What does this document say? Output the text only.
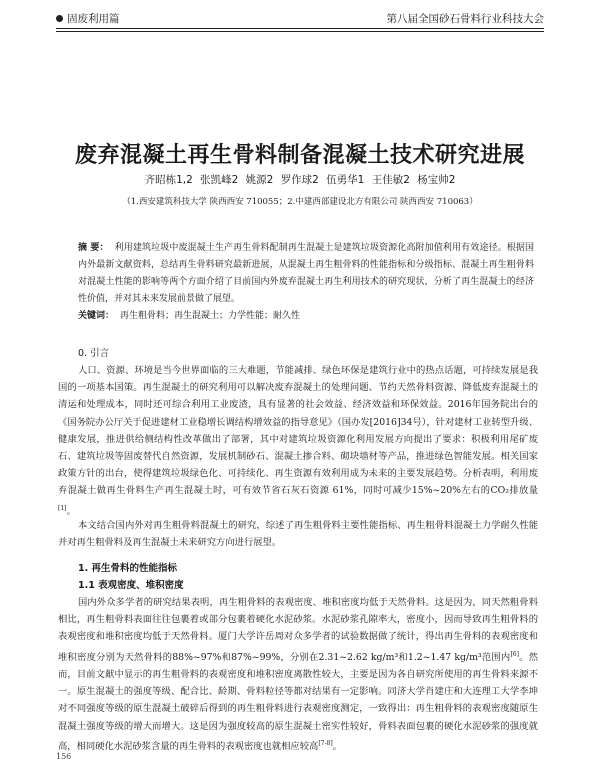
固废利用篇	第八届全国砂石骨料行业科技大会
废弃混凝土再生骨料制备混凝土技术研究进展
齐昭栋1,2 张凯峰2 姚源2 罗作球2 伍勇华1 王佳敏2 杨宝帅2
（1.西安建筑科技大学 陕西西安 710055；2.中建西部建设北方有限公司 陕西西安 710063）
摘 要： 利用建筑垃圾中废混凝土生产再生骨料配制再生混凝土是建筑垃圾资源化高附加值利用有效途径。根据国内外最新文献资料，总结再生骨料研究最新进展，从混凝土再生粗骨料的性能指标和分级指标、混凝土再生粗骨料对混凝土性能的影响等两个方面介绍了目前国内外废弃混凝土再生利用技术的研究现状，分析了再生混凝土的经济性价值，并对其未来发展前景做了展望。
关键词： 再生粗骨料；再生混凝土；力学性能；耐久性
0. 引言
人口、资源、环境是当今世界面临的三大难题，节能减排、绿色环保是建筑行业中的热点话题，可持续发展是我国的一项基本国策。再生混凝土的研究利用可以解决废弃混凝土的处理问题、节约天然骨料资源、降低废弃混凝土的清运和处理成本，同时还可综合利用工业废渣，具有显著的社会效益、经济效益和环保效益。2016年国务院出台的《国务院办公厅关于促进建材工业稳增长调结构增效益的指导意见》（国办发[2016]34号），针对建材工业转型升级、健康发展，推进供给侧结构性改革做出了部署，其中对建筑垃圾资源化利用发展方向提出了要求：积极利用尾矿废石、建筑垃圾等固废替代自然资源，发展机制砂石、混凝土掺合料、砌块墙材等产品，推进绿色智能发展。相关国家政策方针的出台，使得建筑垃圾绿色化、可持续化、再生资源有效利用成为未来的主要发展趋势。分析表明，利用废弃混凝土做再生骨料生产再生混凝土时，可有效节省石灰石资源 61%，同时可减少15%~20%左右的CO₂排放量[1]。
本文结合国内外对再生粗骨料混凝土的研究，综述了再生粗骨料主要性能指标、再生粗骨料混凝土力学耐久性能并对再生粗骨料及再生混凝土未来研究方向进行展望。
1. 再生骨料的性能指标
1.1 表观密度、堆积密度
国内外众多学者的研究结果表明，再生粗骨料的表观密度、堆积密度均低于天然骨料。这是因为，同天然粗骨料相比，再生粗骨料表面往往包裹着或部分包裹着硬化水泥砂浆。水泥砂浆孔隙率大，密度小，因而导致再生粗骨料的表观密度和堆积密度均低于天然骨料。厦门大学许岳周对众多学者的试验数据做了统计，得出再生骨料的表观密度和堆积密度分别为天然骨料的88%~97%和87%~99%，分别在2.31~2.62 kg/m³和1.2~1.47 kg/m³范围内[6]。然而，目前文献中显示的再生粗骨料的表观密度和堆积密度离散性较大，主要是因为各自研究所使用的再生骨料来源不一。原生混凝土的强度等级、配合比、龄期、骨料粒径等都对结果有一定影响。同济大学肖建庄和大连理工大学李坤对不同强度等级的原生混凝土破碎后得到的再生粗骨料进行表观密度测定，一致得出：再生粗骨料的表观密度随原生混凝土强度等级的增大而增大。这是因为强度较高的原生混凝土密实性较好，骨料表面包裹的硬化水泥砂浆的强度就高，相同硬化水泥砂浆含量的再生骨料的表观密度也就相应较高[7-8]。
156
